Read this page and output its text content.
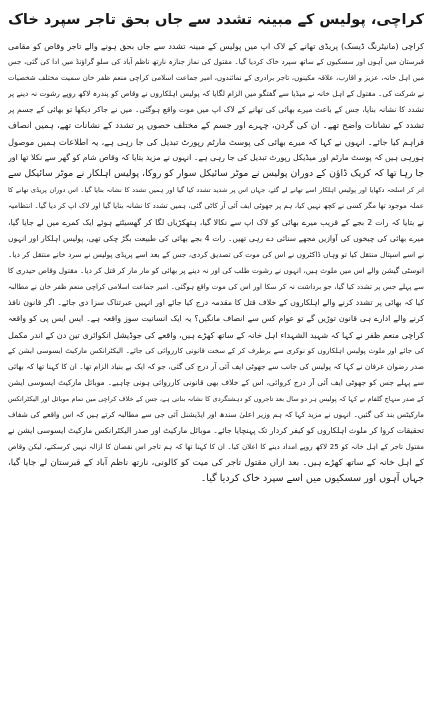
کراچی، پولیس کے مبینہ تشدد سے جاں بحق تاجر سپرد خاک
کراچی (مانیٹرنگ ڈیسک) پریڈی تھانے کے لاک اپ میں پولیس کے مبینہ تشدد سے جاں بحق ہونے والے تاجر وقاص کو مقامی
قبرستان میں آہوں اور سسکیوں کے ساتھ سپرد خاک کردیا گیا۔ مقتول کی نماز جنازہ نارتھ ناظم آباد کی سلو گراؤنڈ میں ادا کی گئی، جس
میں اہل خانہ، عزیز و اقارب، علاقہ مکینوں، تاجر برادری کے نمائندوں، امیر جماعت اسلامی کراچی منعم ظفر خان سمیت مختلف شخصیات
نے شرکت کی۔ مقتول کے اہل خانہ نے میڈیا سے گفتگو میں الزام لگایا کہ پولیس اہلکاروں نے وقاص کو پندرہ لاکھ روپے رشوت نہ دینے پر
تشدد کا نشانہ بنایا، جس کے باعث میرے بھائی کی تھانے کے لاک اپ میں موت واقع ہوگئی۔ میں نے جاکر دیکھا تو بھائی کے جسم پر
تشدد کے نشانات واضح تھے۔ ان کی گردن، چہرے اور جسم کے مختلف حصوں پر تشدد کے نشانات تھے، ہمیں انصاف
فراہم کیا جائے۔ انہوں نے کہا کہ میرے بھائی کی پوسٹ مارٹم رپورٹ تبدیل کی جا رہی ہے، یہ اطلاعات ہمیں موصول
ہورہی ہیں کہ پوسٹ مارٹم اور میڈیکل رپورٹ تبدیل کی جا رہی ہے۔ انہوں نے مزید بتایا کہ وقاص شام کو گھر سے نکلا تھا اور
جا رہا تھا کہ کریک ڈاؤن کے دوران پولیس نے موٹر سائیکل سوار کو روکا، پولیس اہلکار نے موٹر سائیکل سے
اتر کر اسلحہ دکھایا اور پولیس اہلکار اسے تھانے لے گئے، جہاں اس پر شدید تشدد کیا گیا اور ہمیں تشدد کا نشانہ بنایا گیا۔ اس دوران پریڈی تھانے کا
عملہ موجود تھا مگر کسی نے کچھ نہیں کیا، ہم پر جھوٹی ایف آئی آر کاٹی گئی، ہمیں تشدد کا نشانہ بنایا گیا اور لاک اپ کر دیا گیا۔ انتظامیہ
نے بتایا کہ رات 2 بجے کے قریب میرے بھائی کو لاک اپ سے نکالا گیا، ہتھکڑیاں لگا کر گھسیٹتے ہوئے ایک کمرے میں لے جایا گیا،
میرے بھائی کی چیخوں کی آوازیں مجھے سنائی دے رہی تھیں۔ رات 4 بجے بھائی کی طبیعت بگڑ چکی تھی، پولیس اہلکار اور انہوں
نے اسے اسپتال منتقل کیا تو وہاں ڈاکٹروں نے اس کی موت کی تصدیق کردی، جس کے بعد اسے پریڈی پولیس نے سرد خانے منتقل کر دیا۔
انوسٹی گیشن والے اس میں ملوث ہیں، انہوں نے رشوت طلب کی اور نہ دینے پر بھائی کو مار مار کر قتل کر دیا۔ مقتول وقاص حیدری کا
سے پہلے جس پر تشدد کیا گیا، جو برداشت نہ کر سکا اور اس کی موت واقع ہوگئی۔ امیر جماعت اسلامی کراچی منعم ظفر خان نے مطالبہ
کیا کہ بھائی پر تشدد کرنے والے اہلکاروں کے خلاف قتل کا مقدمہ درج کیا جائے اور انہیں عبرتناک سزا دی جائے۔ اگر قانون نافذ
کرنے والے ادارے ہی قانون توڑیں گے تو عوام کس سے انصاف مانگیں؟ یہ ایک انسانیت سوز واقعہ ہے۔ ایس ایس پی کو واقعہ
کراچی منعم ظفر نے کہا کہ شہید الشہداء اہل خانہ کے ساتھ کھڑے ہیں، واقعے کی جوڈیشل انکوائری تین دن کے اندر مکمل
کی جائے اور ملوث پولیس اہلکاروں کو نوکری سے برطرف کر کے سخت قانونی کارروائی کی جائے۔ الیکٹرانکس مارکیٹ ایسوسی ایشن کے
صدر رضوان عرفان نے کہا کہ پولیس کی جانب سے جھوٹی ایف آئی آر درج کی گئی، جو کہ ایک بے بنیاد الزام تھا۔ ان کا کہنا تھا کہ بھائی
سے پہلے جس کو جھوٹی ایف آئی آر درج کروائی، اس کے خلاف بھی قانونی کارروائی ہونی چاہیے۔ موبائل مارکیٹ ایسوسی ایشن
کے صدر منہاج گلفام نے کہا کہ پولیس ہر دو سال بعد تاجروں کو دہشتگردی کا نشانہ بناتی ہے، جس کے خلاف کراچی میں تمام موبائل اور الیکٹرانکس
مارکیٹس بند کی گئیں۔ انہوں نے مزید کہا کہ ہم وزیر اعلیٰ سندھ اور ایڈیشنل آئی جی سے مطالبہ کرتے ہیں کہ اس واقعے کی شفاف
تحقیقات کروا کر ملوث اہلکاروں کو کیفر کردار تک پہنچایا جائے۔ موبائل مارکیٹ اور صدر الیکٹرانکس مارکیٹ ایسوسی ایشن نے
مقتول تاجر کے اہل خانہ کو 25 لاکھ روپے امداد دینے کا اعلان کیا۔ ان کا کہنا تھا کہ ہم تاجر اس نقصان کا ازالہ نہیں کرسکتے، لیکن وقاص
کے اہل خانہ کے ساتھ کھڑے ہیں۔ بعد ازاں مقتول تاجر کی میت کو کالونی، نارتھ ناظم آباد کے قبرستان لے جایا گیا،
جہاں آہوں اور سسکیوں میں اسے سپرد خاک کردیا گیا۔
